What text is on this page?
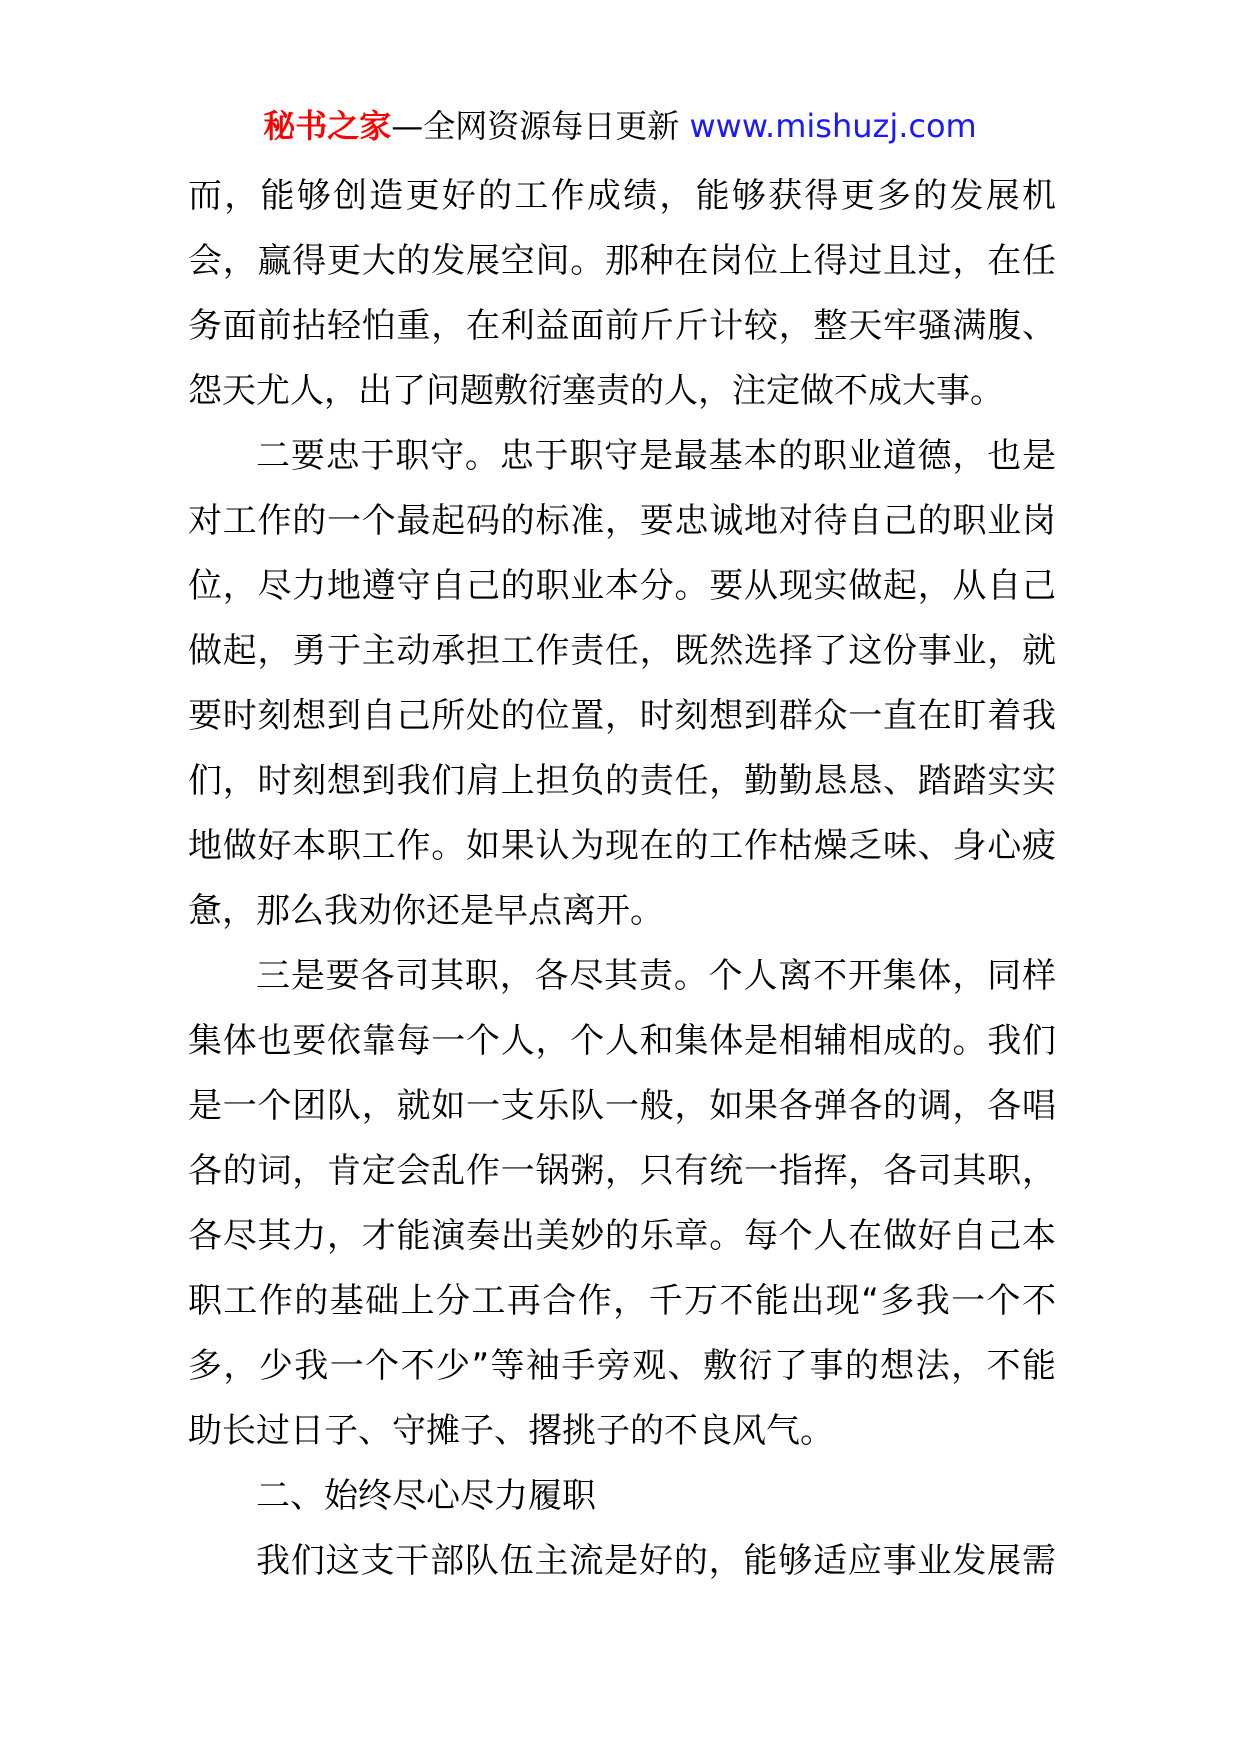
秘书之家—全网资源每日更新 www.mishuzj.com
而，能够创造更好的工作成绩，能够获得更多的发展机
会，赢得更大的发展空间。那种在岗位上得过且过，在任
务面前拈轻怕重，在利益面前斤斤计较，整天牢骚满腹、
怨天尤人，出了问题敷衍塞责的人，注定做不成大事。
二要忠于职守。忠于职守是最基本的职业道德，也是
对工作的一个最起码的标准，要忠诚地对待自己的职业岗
位，尽力地遵守自己的职业本分。要从现实做起，从自己
做起，勇于主动承担工作责任，既然选择了这份事业，就
要时刻想到自己所处的位置，时刻想到群众一直在盯着我
们，时刻想到我们肩上担负的责任，勤勤恳恳、踏踏实实
地做好本职工作。如果认为现在的工作枯燥乏味、身心疲
惫，那么我劝你还是早点离开。
三是要各司其职，各尽其责。个人离不开集体，同样
集体也要依靠每一个人，个人和集体是相辅相成的。我们
是一个团队，就如一支乐队一般，如果各弹各的调，各唱
各的词，肯定会乱作一锅粥，只有统一指挥，各司其职，
各尽其力，才能演奏出美妙的乐章。每个人在做好自己本
职工作的基础上分工再合作，千万不能出现“多我一个不
多，少我一个不少”等袖手旁观、敷衍了事的想法，不能
助长过日子、守摊子、撂挑子的不良风气。
二、始终尽心尽力履职
我们这支干部队伍主流是好的，能够适应事业发展需
